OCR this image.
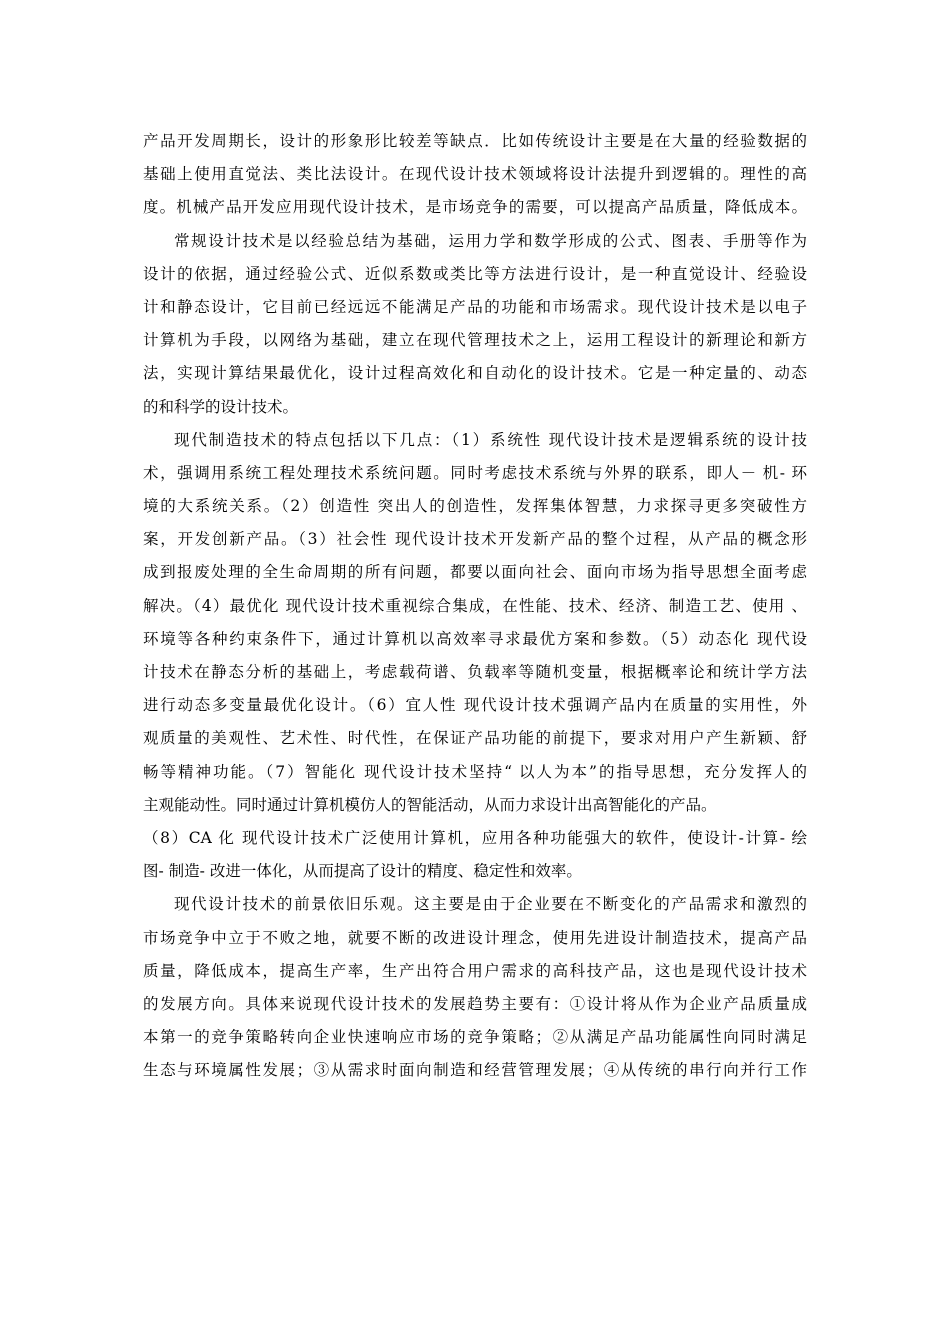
产品开发周期长，设计的形象形比较差等缺点．比如传统设计主要是在大量的经验数据的
基础上使用直觉法、类比法设计。在现代设计技术领域将设计法提升到逻辑的。理性的高
度。机械产品开发应用现代设计技术，是市场竞争的需要，可以提高产品质量，降低成本。
常规设计技术是以经验总结为基础，运用力学和数学形成的公式、图表、手册等作为
设计的依据，通过经验公式、近似系数或类比等方法进行设计，是一种直觉设计、经验设
计和静态设计，它目前已经远远不能满足产品的功能和市场需求。现代设计技术是以电子
计算机为手段，以网络为基础，建立在现代管理技术之上，运用工程设计的新理论和新方
法，实现计算结果最优化，设计过程高效化和自动化的设计技术。它是一种定量的、动态
的和科学的设计技术。
现代制造技术的特点包括以下几点：（1）系统性 现代设计技术是逻辑系统的设计技
术，强调用系统工程处理技术系统问题。同时考虑技术系统与外界的联系，即人－ 机- 环
境的大系统关系。（2）创造性 突出人的创造性，发挥集体智慧，力求探寻更多突破性方
案，开发创新产品。（3）社会性 现代设计技术开发新产品的整个过程，从产品的概念形
成到报废处理的全生命周期的所有问题，都要以面向社会、面向市场为指导思想全面考虑
解决。（4）最优化 现代设计技术重视综合集成，在性能、技术、经济、制造工艺、使用 、
环境等各种约束条件下，通过计算机以高效率寻求最优方案和参数。（5）动态化 现代设
计技术在静态分析的基础上，考虑载荷谱、负载率等随机变量，根据概率论和统计学方法
进行动态多变量最优化设计。（6）宜人性 现代设计技术强调产品内在质量的实用性，外
观质量的美观性、艺术性、时代性，在保证产品功能的前提下，要求对用户产生新颖、舒
畅等精神功能。（7）智能化 现代设计技术坚持“ 以人为本”的指导思想，充分发挥人的
主观能动性。同时通过计算机模仿人的智能活动，从而力求设计出高智能化的产品。
（8）CA 化 现代设计技术广泛使用计算机，应用各种功能强大的软件，使设计-计算- 绘
图- 制造- 改进一体化，从而提高了设计的精度、稳定性和效率。
现代设计技术的前景依旧乐观。这主要是由于企业要在不断变化的产品需求和激烈的
市场竞争中立于不败之地，就要不断的改进设计理念，使用先进设计制造技术，提高产品
质量，降低成本，提高生产率，生产出符合用户需求的高科技产品，这也是现代设计技术
的发展方向。具体来说现代设计技术的发展趋势主要有：①设计将从作为企业产品质量成
本第一的竞争策略转向企业快速响应市场的竞争策略；②从满足产品功能属性向同时满足
生态与环境属性发展；③从需求时面向制造和经营管理发展；④从传统的串行向并行工作
